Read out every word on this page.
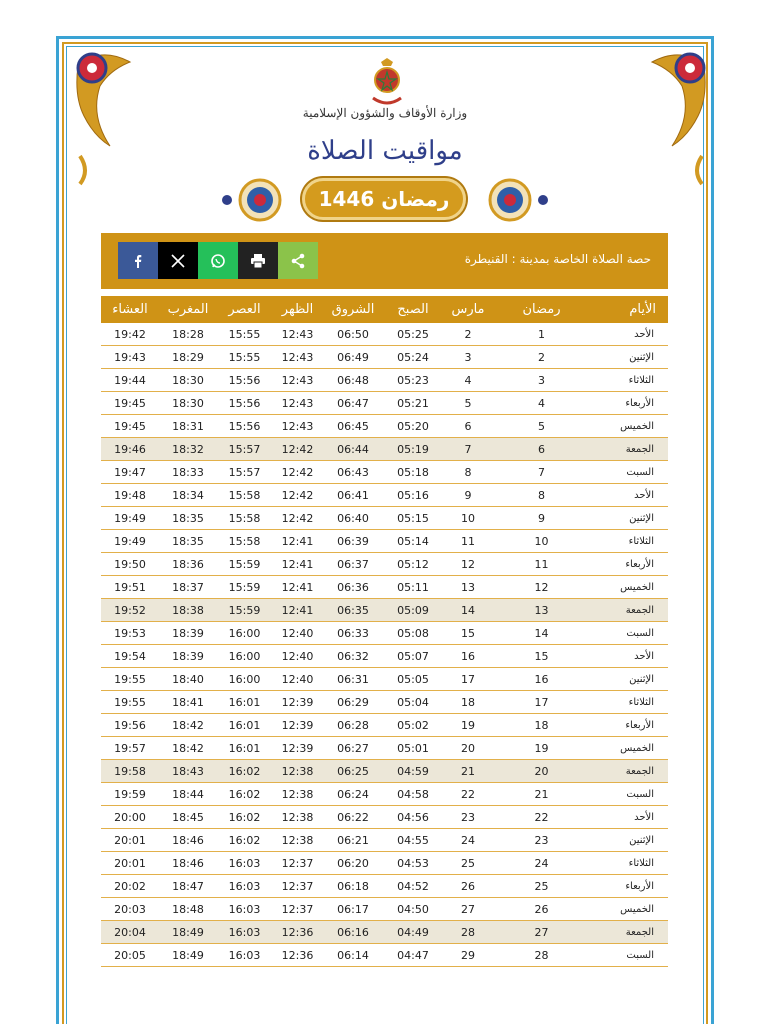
وزارة الأوقاف والشؤون الإسلامية
مواقيت الصلاة
رمضان 1446
حصة الصلاة الخاصة بمدينة : القنيطرة
الأيام	رمضان	مارس	الصبح	الشروق	الظهر	العصر	المغرب	العشاء
الأحد	1	2	05:25	06:50	12:43	15:55	18:28	19:42
الإثنين	2	3	05:24	06:49	12:43	15:55	18:29	19:43
الثلاثاء	3	4	05:23	06:48	12:43	15:56	18:30	19:44
الأربعاء	4	5	05:21	06:47	12:43	15:56	18:30	19:45
الخميس	5	6	05:20	06:45	12:43	15:56	18:31	19:45
الجمعة	6	7	05:19	06:44	12:42	15:57	18:32	19:46
السبت	7	8	05:18	06:43	12:42	15:57	18:33	19:47
الأحد	8	9	05:16	06:41	12:42	15:58	18:34	19:48
الإثنين	9	10	05:15	06:40	12:42	15:58	18:35	19:49
الثلاثاء	10	11	05:14	06:39	12:41	15:58	18:35	19:49
الأربعاء	11	12	05:12	06:37	12:41	15:59	18:36	19:50
الخميس	12	13	05:11	06:36	12:41	15:59	18:37	19:51
الجمعة	13	14	05:09	06:35	12:41	15:59	18:38	19:52
السبت	14	15	05:08	06:33	12:40	16:00	18:39	19:53
الأحد	15	16	05:07	06:32	12:40	16:00	18:39	19:54
الإثنين	16	17	05:05	06:31	12:40	16:00	18:40	19:55
الثلاثاء	17	18	05:04	06:29	12:39	16:01	18:41	19:55
الأربعاء	18	19	05:02	06:28	12:39	16:01	18:42	19:56
الخميس	19	20	05:01	06:27	12:39	16:01	18:42	19:57
الجمعة	20	21	04:59	06:25	12:38	16:02	18:43	19:58
السبت	21	22	04:58	06:24	12:38	16:02	18:44	19:59
الأحد	22	23	04:56	06:22	12:38	16:02	18:45	20:00
الإثنين	23	24	04:55	06:21	12:38	16:02	18:46	20:01
الثلاثاء	24	25	04:53	06:20	12:37	16:03	18:46	20:01
الأربعاء	25	26	04:52	06:18	12:37	16:03	18:47	20:02
الخميس	26	27	04:50	06:17	12:37	16:03	18:48	20:03
الجمعة	27	28	04:49	06:16	12:36	16:03	18:49	20:04
السبت	28	29	04:47	06:14	12:36	16:03	18:49	20:05
